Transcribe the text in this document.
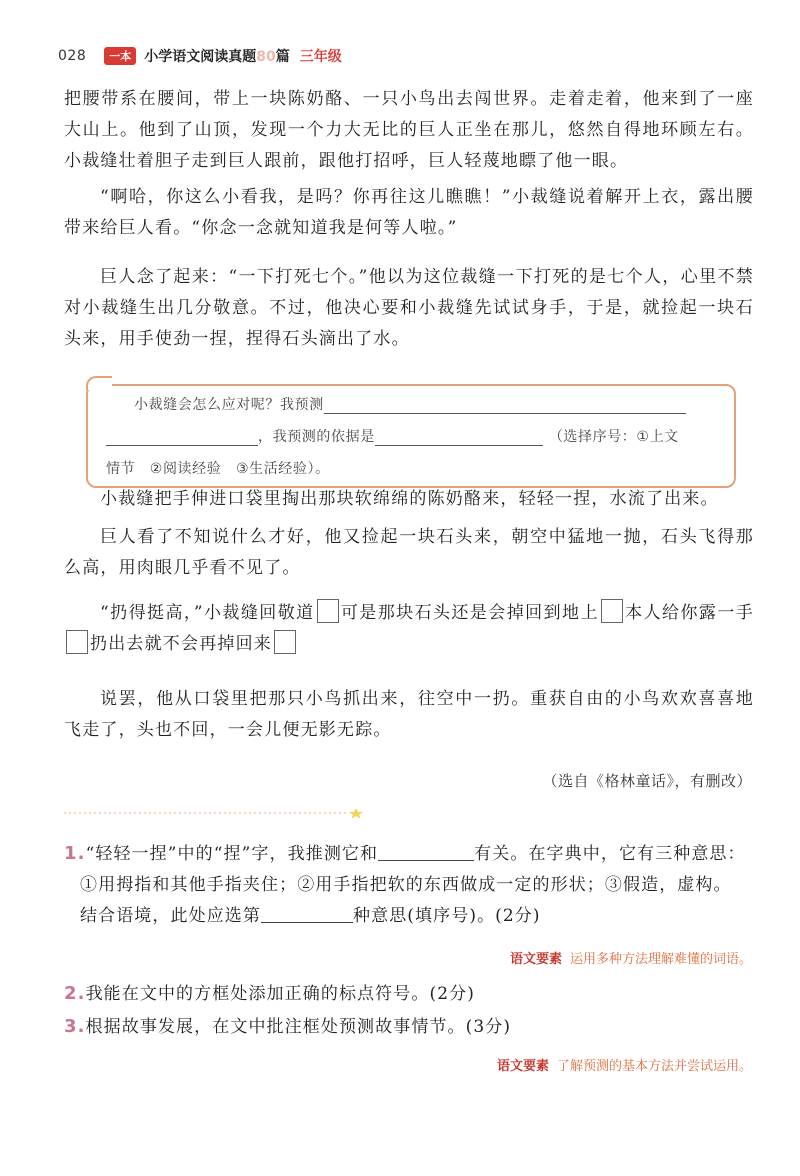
028	一本 小学语文阅读真题80篇 三年级
把腰带系在腰间，带上一块陈奶酪、一只小鸟出去闯世界。走着走着，他来到了一座大山上。他到了山顶，发现一个力大无比的巨人正坐在那儿，悠然自得地环顾左右。小裁缝壮着胆子走到巨人跟前，跟他打招呼，巨人轻蔑地瞟了他一眼。
“啊哈，你这么小看我，是吗？你再往这儿瞧瞧！”小裁缝说着解开上衣，露出腰带来给巨人看。“你念一念就知道我是何等人啦。”
巨人念了起来：“一下打死七个。”他以为这位裁缝一下打死的是七个人，心里不禁对小裁缝生出几分敬意。不过，他决心要和小裁缝先试试身手，于是，就捡起一块石头来，用手使劲一捏，捏得石头滴出了水。
小裁缝会怎么应对呢？我预测
，我预测的依据是	（选择序号：①上文
情节　②阅读经验　③生活经验）。
小裁缝把手伸进口袋里掏出那块软绵绵的陈奶酪来，轻轻一捏，水流了出来。
巨人看了不知说什么才好，他又捡起一块石头来，朝空中猛地一抛，石头飞得那么高，用肉眼几乎看不见了。
“扔得挺高，”小裁缝回敬道 可是那块石头还是会掉回到地上 本人给你露一手扔出去就不会再掉回来
说罢，他从口袋里把那只小鸟抓出来，往空中一扔。重获自由的小鸟欢欢喜喜地飞走了，头也不回，一会儿便无影无踪。
（选自《格林童话》，有删改）
1.“轻轻一捏”中的“捏”字，我推测它和	有关。在字典中，它有三种意思：
①用拇指和其他手指夹住；②用手指把软的东西做成一定的形状；③假造，虚构。
结合语境，此处应选第	种意思(填序号)。(2分)
语文要素 运用多种方法理解难懂的词语。
2.我能在文中的方框处添加正确的标点符号。(2分)
3.根据故事发展，在文中批注框处预测故事情节。(3分)
语文要素 了解预测的基本方法并尝试运用。
